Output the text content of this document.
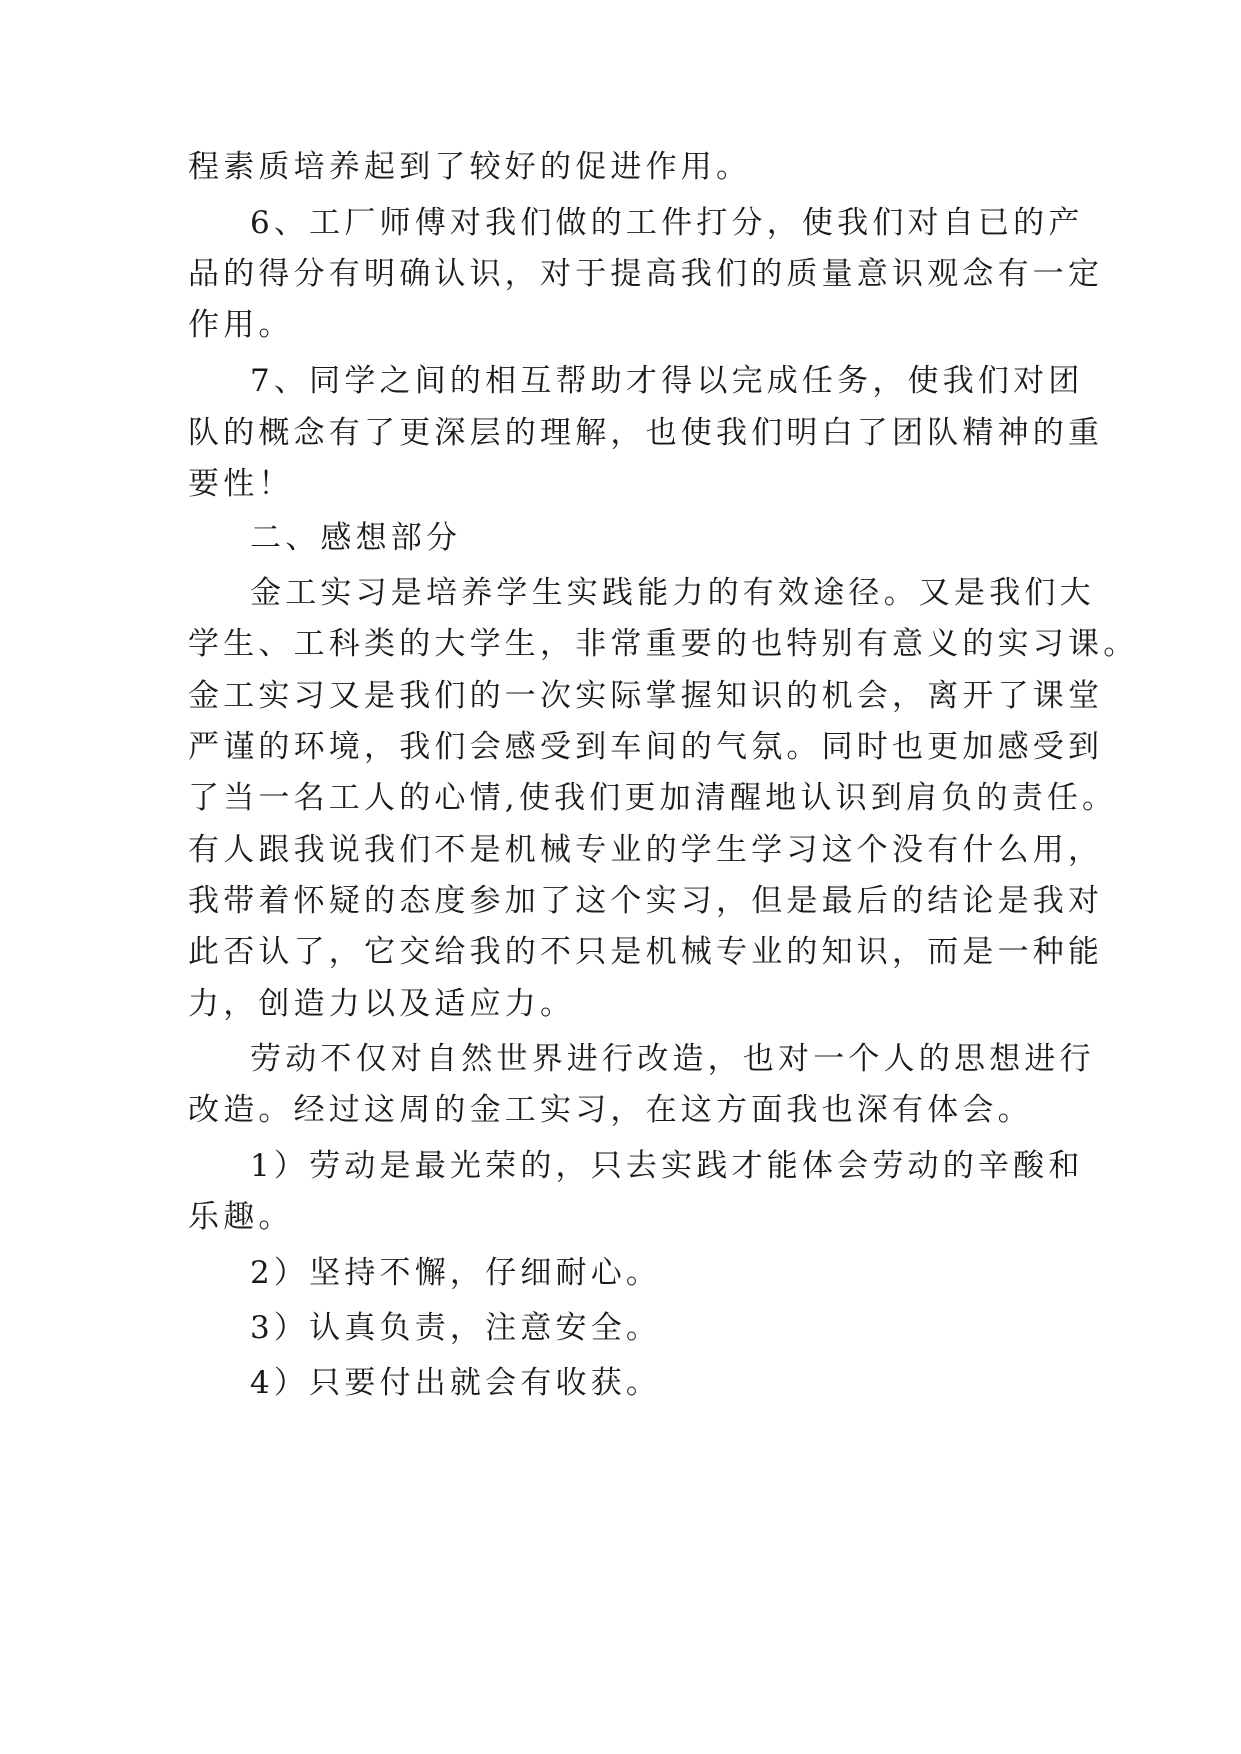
程素质培养起到了较好的促进作用。
6、工厂师傅对我们做的工件打分，使我们对自已的产
品的得分有明确认识，对于提高我们的质量意识观念有一定
作用。
7、同学之间的相互帮助才得以完成任务，使我们对团
队的概念有了更深层的理解，也使我们明白了团队精神的重
要性！
二、感想部分
金工实习是培养学生实践能力的有效途径。又是我们大
学生、工科类的大学生，非常重要的也特别有意义的实习课。
金工实习又是我们的一次实际掌握知识的机会，离开了课堂
严谨的环境，我们会感受到车间的气氛。同时也更加感受到
了当一名工人的心情,使我们更加清醒地认识到肩负的责任。
有人跟我说我们不是机械专业的学生学习这个没有什么用，
我带着怀疑的态度参加了这个实习，但是最后的结论是我对
此否认了，它交给我的不只是机械专业的知识，而是一种能
力，创造力以及适应力。
劳动不仅对自然世界进行改造，也对一个人的思想进行
改造。经过这周的金工实习，在这方面我也深有体会。
1）劳动是最光荣的，只去实践才能体会劳动的辛酸和
乐趣。
2）坚持不懈，仔细耐心。
3）认真负责，注意安全。
4）只要付出就会有收获。
